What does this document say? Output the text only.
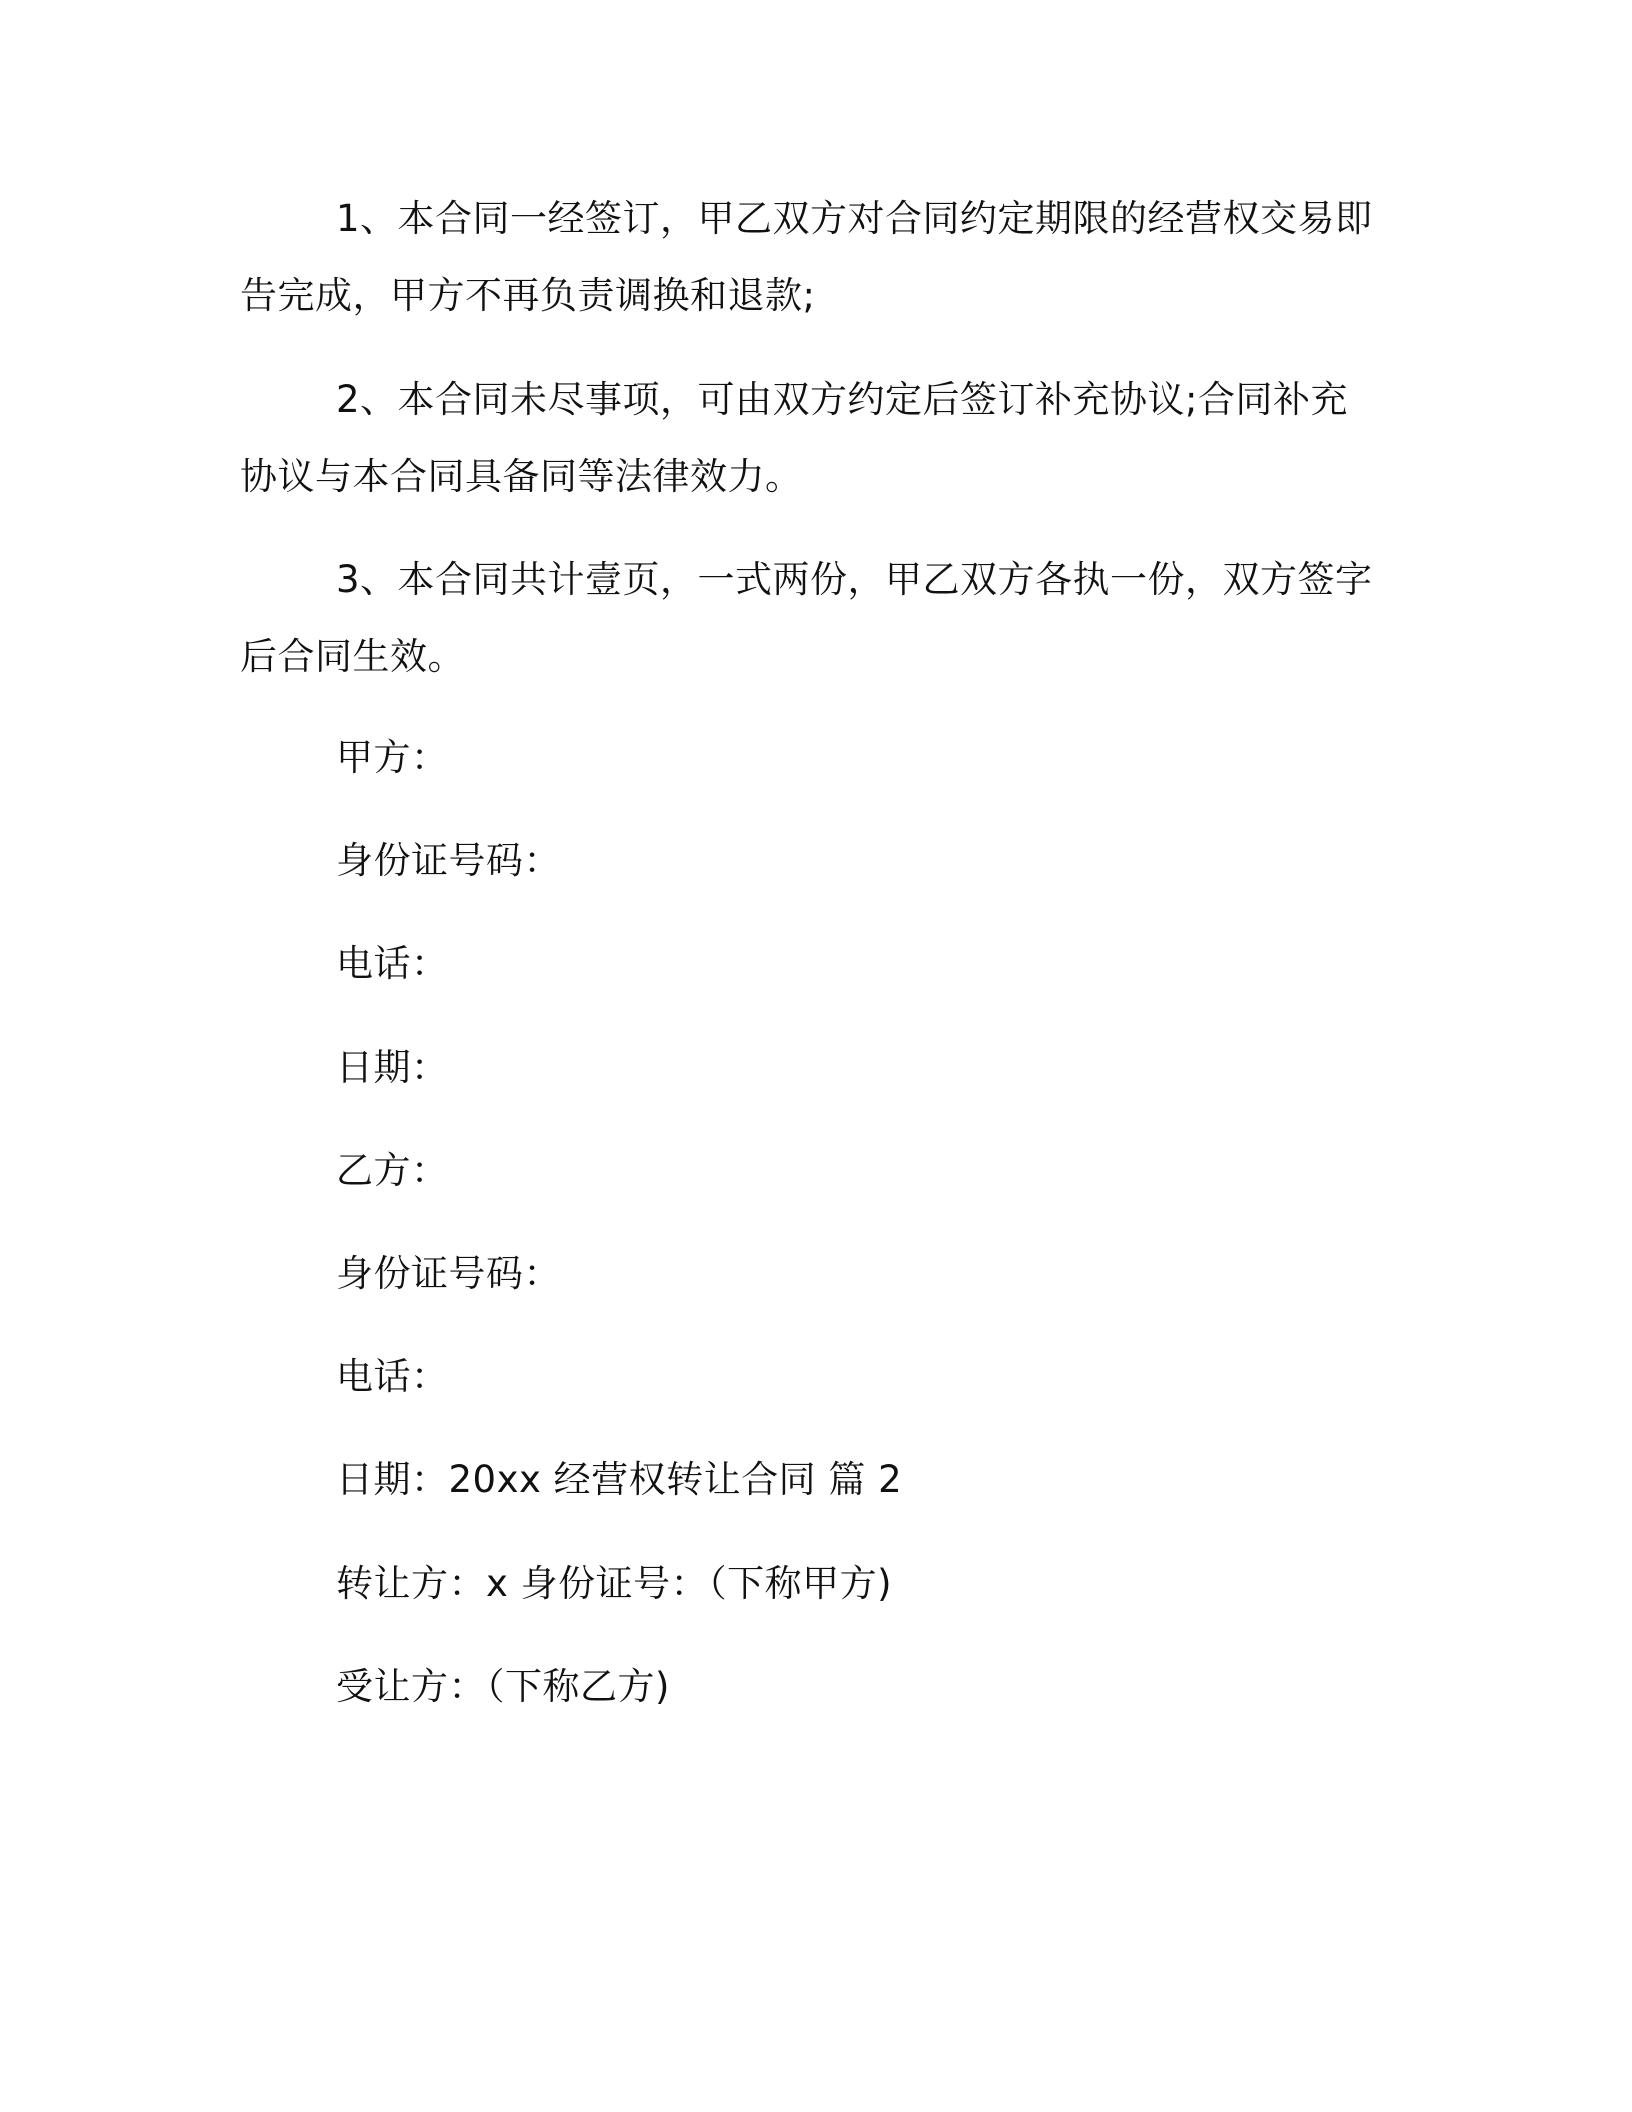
1、本合同一经签订，甲乙双方对合同约定期限的经营权交易即告完成，甲方不再负责调换和退款;

2、本合同未尽事项，可由双方约定后签订补充协议;合同补充协议与本合同具备同等法律效力。

3、本合同共计壹页，一式两份，甲乙双方各执一份，双方签字后合同生效。

甲方：

身份证号码：

电话：

日期：

乙方：

身份证号码：

电话：

日期：20xx 经营权转让合同 篇 2

转让方：x 身份证号：（下称甲方)

受让方：（下称乙方)
